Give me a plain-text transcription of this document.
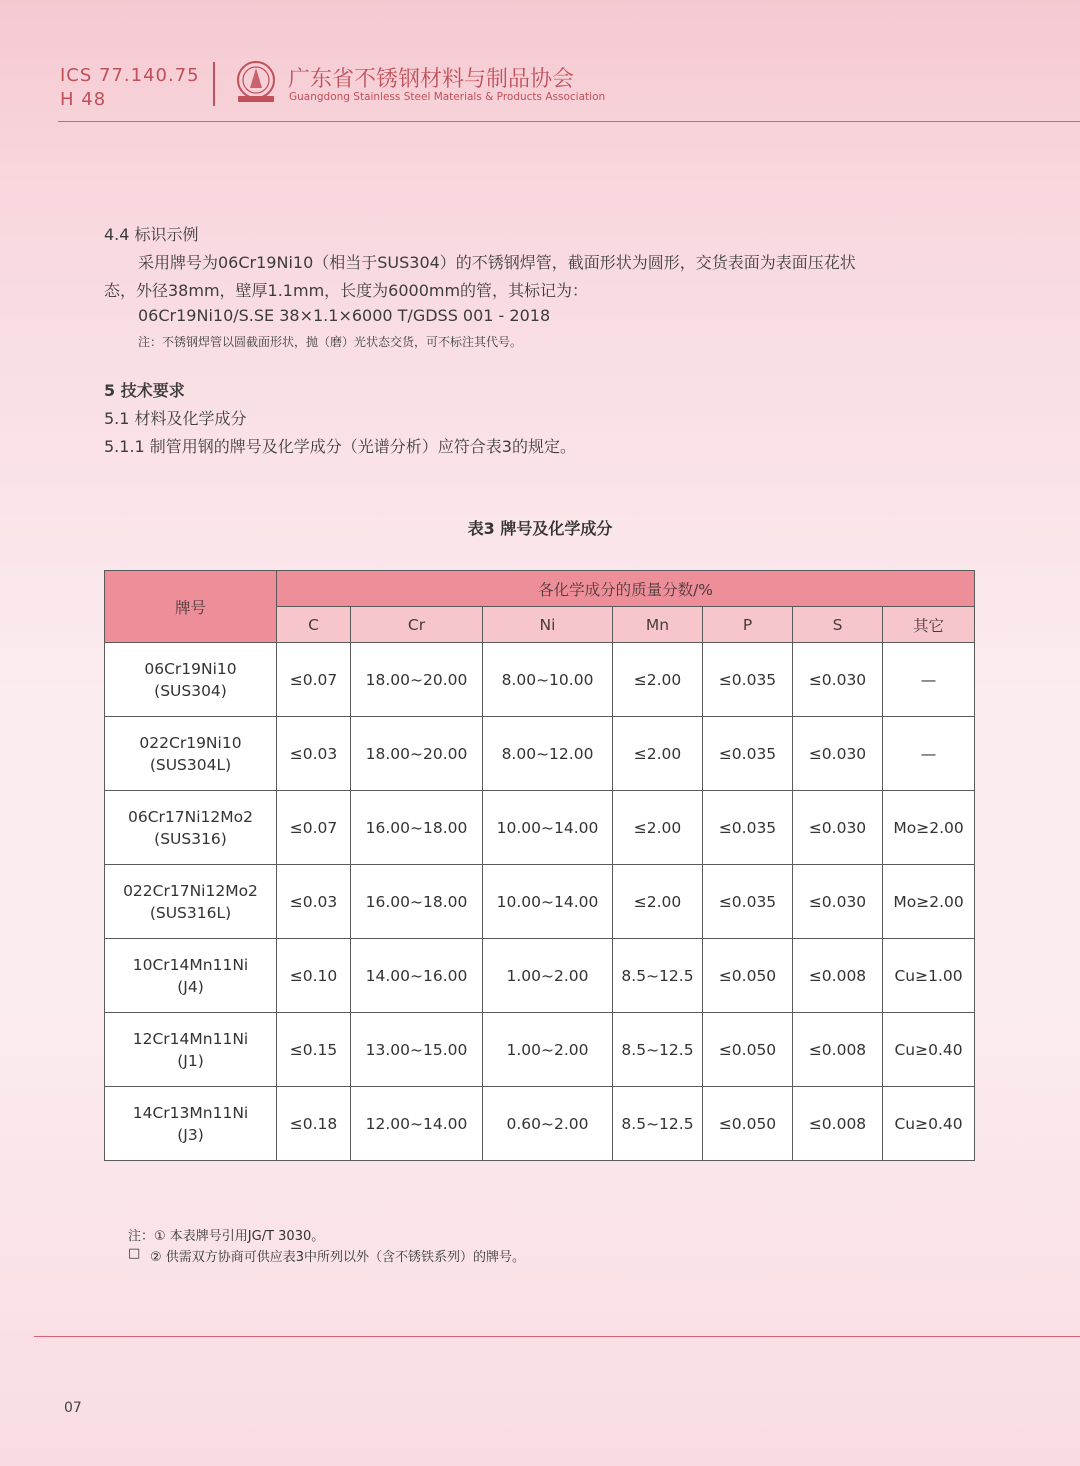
ICS 77.140.75
H 48
广东省不锈钢材料与制品协会
Guangdong Stainless Steel Materials & Products Association
4.4 标识示例
采用牌号为06Cr19Ni10（相当于SUS304）的不锈钢焊管，截面形状为圆形，交货表面为表面压花状
态，外径38mm，壁厚1.1mm，长度为6000mm的管，其标记为：
06Cr19Ni10/S.SE 38×1.1×6000 T/GDSS 001 - 2018
注：不锈钢焊管以圆截面形状，抛（磨）光状态交货，可不标注其代号。
5 技术要求
5.1 材料及化学成分
5.1.1 制管用钢的牌号及化学成分（光谱分析）应符合表3的规定。
表3 牌号及化学成分
牌号	各化学成分的质量分数/%						
	C	Cr	Ni	Mn	P	S	其它

06Cr19Ni10
(SUS304)	≤0.07	18.00~20.00	8.00~10.00	≤2.00	≤0.035	≤0.030	—

022Cr19Ni10
(SUS304L)	≤0.03	18.00~20.00	8.00~12.00	≤2.00	≤0.035	≤0.030	—

06Cr17Ni12Mo2
(SUS316)	≤0.07	16.00~18.00	10.00~14.00	≤2.00	≤0.035	≤0.030	Mo≥2.00

022Cr17Ni12Mo2
(SUS316L)	≤0.03	16.00~18.00	10.00~14.00	≤2.00	≤0.035	≤0.030	Mo≥2.00

10Cr14Mn11Ni
(J4)	≤0.10	14.00~16.00	1.00~2.00	8.5~12.5	≤0.050	≤0.008	Cu≥1.00

12Cr14Mn11Ni
(J1)	≤0.15	13.00~15.00	1.00~2.00	8.5~12.5	≤0.050	≤0.008	Cu≥0.40

14Cr13Mn11Ni
(J3)	≤0.18	12.00~14.00	0.60~2.00	8.5~12.5	≤0.050	≤0.008	Cu≥0.40
注：① 本表牌号引用JG/T 3030。
□ ② 供需双方协商可供应表3中所列以外（含不锈铁系列）的牌号。
07
